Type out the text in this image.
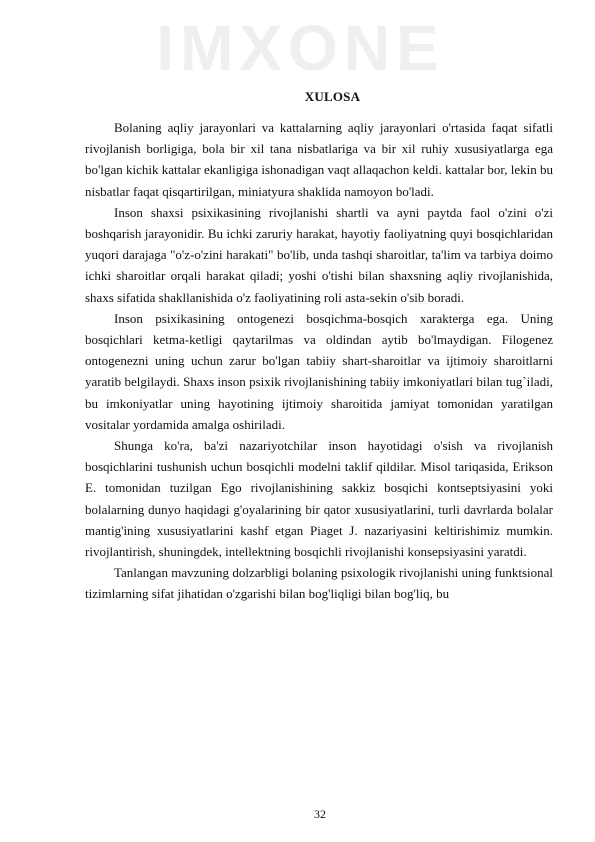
I M X O N E
XULOSA

Bolaning aqliy jarayonlari va kattalarning aqliy jarayonlari o'rtasida faqat sifatli rivojlanish borligiga, bola bir xil tana nisbatlariga va bir xil ruhiy xususiyatlarga ega bo'lgan kichik kattalar ekanligiga ishonadigan vaqt allaqachon keldi. kattalar bor, lekin bu nisbatlar faqat qisqartirilgan, miniatyura shaklida namoyon bo'ladi.

Inson shaxsi psixikasining rivojlanishi shartli va ayni paytda faol o'zini o'zi boshqarish jarayonidir. Bu ichki zaruriy harakat, hayotiy faoliyatning quyi bosqichlaridan yuqori darajaga "o'z-o'zini harakati" bo'lib, unda tashqi sharoitlar, ta'lim va tarbiya doimo ichki sharoitlar orqali harakat qiladi; yoshi o'tishi bilan shaxsning aqliy rivojlanishida, shaxs sifatida shakllanishida o'z faoliyatining roli asta-sekin o'sib boradi.

Inson psixikasining ontogenezi bosqichma-bosqich xarakterga ega. Uning bosqichlari ketma-ketligi qaytarilmas va oldindan aytib bo'lmaydigan. Filogenez ontogenezni uning uchun zarur bo'lgan tabiiy shart-sharoitlar va ijtimoiy sharoitlarni yaratib belgilaydi. Shaxs inson psixik rivojlanishining tabiiy imkoniyatlari bilan tug`iladi, bu imkoniyatlar uning hayotining ijtimoiy sharoitida jamiyat tomonidan yaratilgan vositalar yordamida amalga oshiriladi.

Shunga ko'ra, ba'zi nazariyotchilar inson hayotidagi o'sish va rivojlanish bosqichlarini tushunish uchun bosqichli modelni taklif qildilar. Misol tariqasida, Erikson E. tomonidan tuzilgan Ego rivojlanishining sakkiz bosqichi kontseptsiyasini yoki bolalarning dunyo haqidagi g'oyalarining bir qator xususiyatlarini, turli davrlarda bolalar mantig'ining xususiyatlarini kashf etgan Piaget J. nazariyasini keltirishimiz mumkin. rivojlantirish, shuningdek, intellektning bosqichli rivojlanishi konsepsiyasini yaratdi.

Tanlangan mavzuning dolzarbligi bolaning psixologik rivojlanishi uning funktsional tizimlarning sifat jihatidan o'zgarishi bilan bog'liqligi bilan bog'liq, bu

32
